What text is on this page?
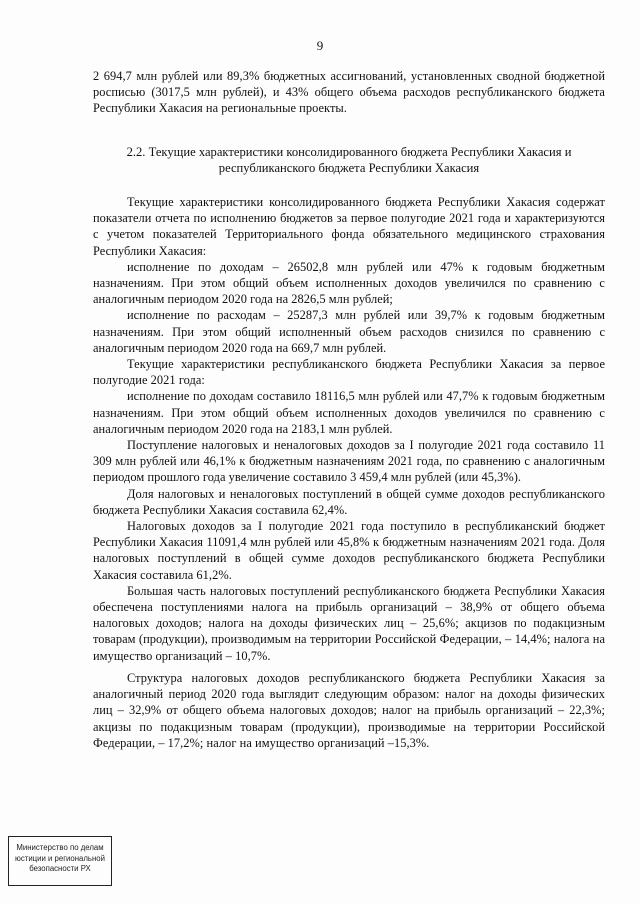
9

2 694,7 млн рублей или 89,3% бюджетных ассигнований, установленных сводной бюджетной росписью (3017,5 млн рублей), и 43% общего объема расходов республиканского бюджета Республики Хакасия на региональные проекты.

2.2. Текущие характеристики консолидированного бюджета Республики Хакасия и республиканского бюджета Республики Хакасия

Текущие характеристики консолидированного бюджета Республики Хакасия содержат показатели отчета по исполнению бюджетов за первое полугодие 2021 года и характеризуются с учетом показателей Территориального фонда обязательного медицинского страхования Республики Хакасия:

исполнение по доходам – 26502,8 млн рублей или 47% к годовым бюджетным назначениям. При этом общий объем исполненных доходов увеличился по сравнению с аналогичным периодом 2020 года на 2826,5 млн рублей;

исполнение по расходам – 25287,3 млн рублей или 39,7% к годовым бюджетным назначениям. При этом общий исполненный объем расходов снизился по сравнению с аналогичным периодом 2020 года на 669,7 млн рублей.

Текущие характеристики республиканского бюджета Республики Хакасия за первое полугодие 2021 года:

исполнение по доходам составило 18116,5 млн рублей или 47,7% к годовым бюджетным назначениям. При этом общий объем исполненных доходов увеличился по сравнению с аналогичным периодом 2020 года на 2183,1 млн рублей.

Поступление налоговых и неналоговых доходов за I полугодие 2021 года составило 11 309 млн рублей или 46,1% к бюджетным назначениям 2021 года, по сравнению с аналогичным периодом прошлого года увеличение составило 3 459,4 млн рублей (или 45,3%).

Доля налоговых и неналоговых поступлений в общей сумме доходов республиканского бюджета Республики Хакасия составила 62,4%.

Налоговых доходов за I полугодие 2021 года поступило в республиканский бюджет Республики Хакасия 11091,4 млн рублей или 45,8% к бюджетным назначениям 2021 года. Доля налоговых поступлений в общей сумме доходов республиканского бюджета Республики Хакасия составила 61,2%.

Большая часть налоговых поступлений республиканского бюджета Республики Хакасия обеспечена поступлениями налога на прибыль организаций – 38,9% от общего объема налоговых доходов; налога на доходы физических лиц – 25,6%; акцизов по подакцизным товарам (продукции), производимым на территории Российской Федерации, – 14,4%; налога на имущество организаций – 10,7%.

Структура налоговых доходов республиканского бюджета Республики Хакасия за аналогичный период 2020 года выглядит следующим образом: налог на доходы физических лиц – 32,9% от общего объема налоговых доходов; налог на прибыль организаций – 22,3%; акцизы по подакцизным товарам (продукции), производимые на территории Российской Федерации, – 17,2%; налог на имущество организаций –15,3%.

Министерство по делам
юстиции и региональной
безопасности РХ
